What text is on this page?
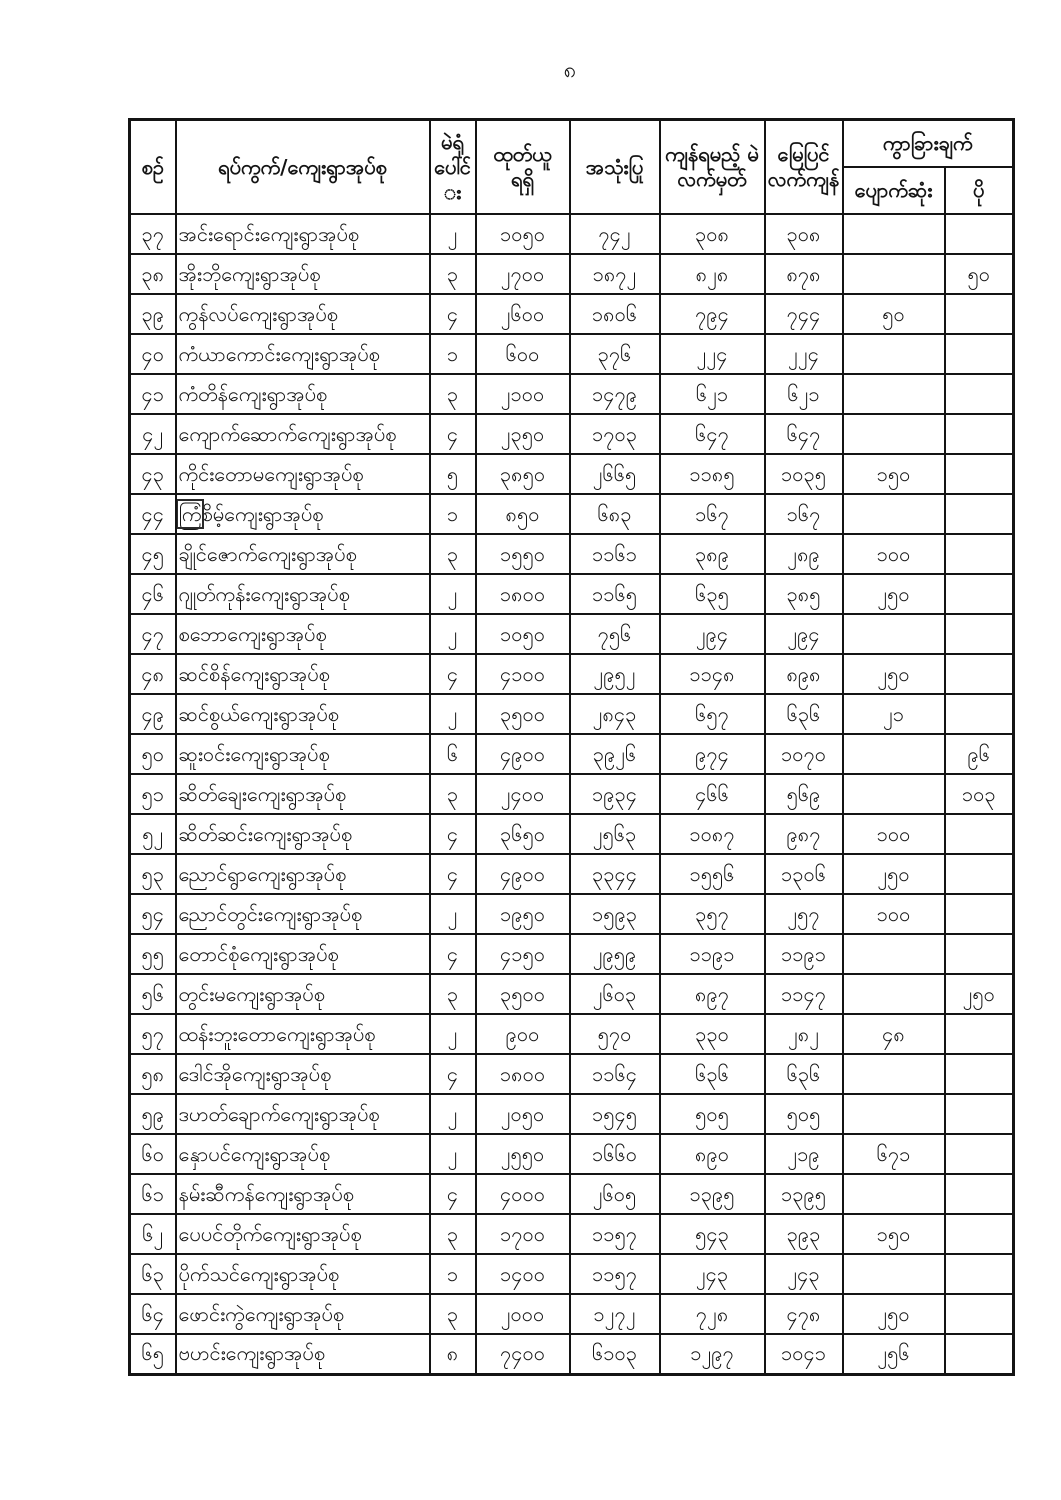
၈
စဉ်	ရပ်ကွက်/ကျေးရွာအုပ်စု	မဲရုံ ပေါင်း	ထုတ်ယူ ရရှိ	အသုံးပြု	ကျန်ရမည့် မဲလက်မှတ်	မြေပြင် လက်ကျန်	ကွာခြားချက်	
							ပျောက်ဆုံး	ပို
၃၇	အင်းရောင်းကျေးရွာအုပ်စု	၂	၁၀၅၀	၇၄၂	၃၀၈	၃၀၈		
၃၈	အိုးဘိုကျေးရွာအုပ်စု	၃	၂၇၀၀	၁၈၇၂	၈၂၈	၈၇၈		၅၀
၃၉	ကွန်လပ်ကျေးရွာအုပ်စု	၄	၂၆၀၀	၁၈၀၆	၇၉၄	၇၄၄	၅၀	
၄၀	ကံယာကောင်းကျေးရွာအုပ်စု	၁	၆၀၀	၃၇၆	၂၂၄	၂၂၄		
၄၁	ကံတိန်ကျေးရွာအုပ်စု	၃	၂၁၀၀	၁၄၇၉	၆၂၁	၆၂၁		
၄၂	ကျောက်ဆောက်ကျေးရွာအုပ်စု	၄	၂၃၅၀	၁၇၀၃	၆၄၇	၆၄၇		
၄၃	ကိုင်းတောမကျေးရွာအုပ်စု	၅	၃၈၅၀	၂၆၆၅	၁၁၈၅	၁၀၃၅	၁၅၀	
၄၄	ကြံစိမ့်ကျေးရွာအုပ်စု	၁	၈၅၀	၆၈၃	၁၆၇	၁၆၇		
၄၅	ချိုင်ဇောက်ကျေးရွာအုပ်စု	၃	၁၅၅၀	၁၁၆၁	၃၈၉	၂၈၉	၁၀၀	
၄၆	ဂျုတ်ကုန်းကျေးရွာအုပ်စု	၂	၁၈၀၀	၁၁၆၅	၆၃၅	၃၈၅	၂၅၀	
၄၇	စဘောကျေးရွာအုပ်စု	၂	၁၀၅၀	၇၅၆	၂၉၄	၂၉၄		
၄၈	ဆင်စိန်ကျေးရွာအုပ်စု	၄	၄၁၀၀	၂၉၅၂	၁၁၄၈	၈၉၈	၂၅၀	
၄၉	ဆင်စွယ်ကျေးရွာအုပ်စု	၂	၃၅၀၀	၂၈၄၃	၆၅၇	၆၃၆	၂၁	
၅၀	ဆူးဝင်းကျေးရွာအုပ်စု	၆	၄၉၀၀	၃၉၂၆	၉၇၄	၁၀၇၀		၉၆
၅၁	ဆိတ်ချေးကျေးရွာအုပ်စု	၃	၂၄၀၀	၁၉၃၄	၄၆၆	၅၆၉		၁၀၃
၅၂	ဆိတ်ဆင်းကျေးရွာအုပ်စု	၄	၃၆၅၀	၂၅၆၃	၁၀၈၇	၉၈၇	၁၀၀	
၅၃	ညောင်ရွာကျေးရွာအုပ်စု	၄	၄၉၀၀	၃၃၄၄	၁၅၅၆	၁၃၀၆	၂၅၀	
၅၄	ညောင်တွင်းကျေးရွာအုပ်စု	၂	၁၉၅၀	၁၅၉၃	၃၅၇	၂၅၇	၁၀၀	
၅၅	တောင်စုံကျေးရွာအုပ်စု	၄	၄၁၅၀	၂၉၅၉	၁၁၉၁	၁၁၉၁		
၅၆	တွင်းမကျေးရွာအုပ်စု	၃	၃၅၀၀	၂၆၀၃	၈၉၇	၁၁၄၇		၂၅၀
၅၇	ထန်းဘူးတောကျေးရွာအုပ်စု	၂	၉၀၀	၅၇၀	၃၃၀	၂၈၂	၄၈	
၅၈	ဒေါင်အိုကျေးရွာအုပ်စု	၄	၁၈၀၀	၁၁၆၄	၆၃၆	၆၃၆		
၅၉	ဒဟတ်ချောက်ကျေးရွာအုပ်စု	၂	၂၀၅၀	၁၅၄၅	၅၀၅	၅၀၅		
၆၀	နှောပင်ကျေးရွာအုပ်စု	၂	၂၅၅၀	၁၆၆၀	၈၉၀	၂၁၉	၆၇၁	
၆၁	နမ်းဆီကန်ကျေးရွာအုပ်စု	၄	၄၀၀၀	၂၆၀၅	၁၃၉၅	၁၃၉၅		
၆၂	ပေပင်တိုက်ကျေးရွာအုပ်စု	၃	၁၇၀၀	၁၁၅၇	၅၄၃	၃၉၃	၁၅၀	
၆၃	ပိုက်သင်ကျေးရွာအုပ်စု	၁	၁၄၀၀	၁၁၅၇	၂၄၃	၂၄၃		
၆၄	ဖောင်းကွဲကျေးရွာအုပ်စု	၃	၂၀၀၀	၁၂၇၂	၇၂၈	၄၇၈	၂၅၀	
၆၅	ဗဟင်းကျေးရွာအုပ်စု	၈	၇၄၀၀	၆၁၀၃	၁၂၉၇	၁၀၄၁	၂၅၆	
